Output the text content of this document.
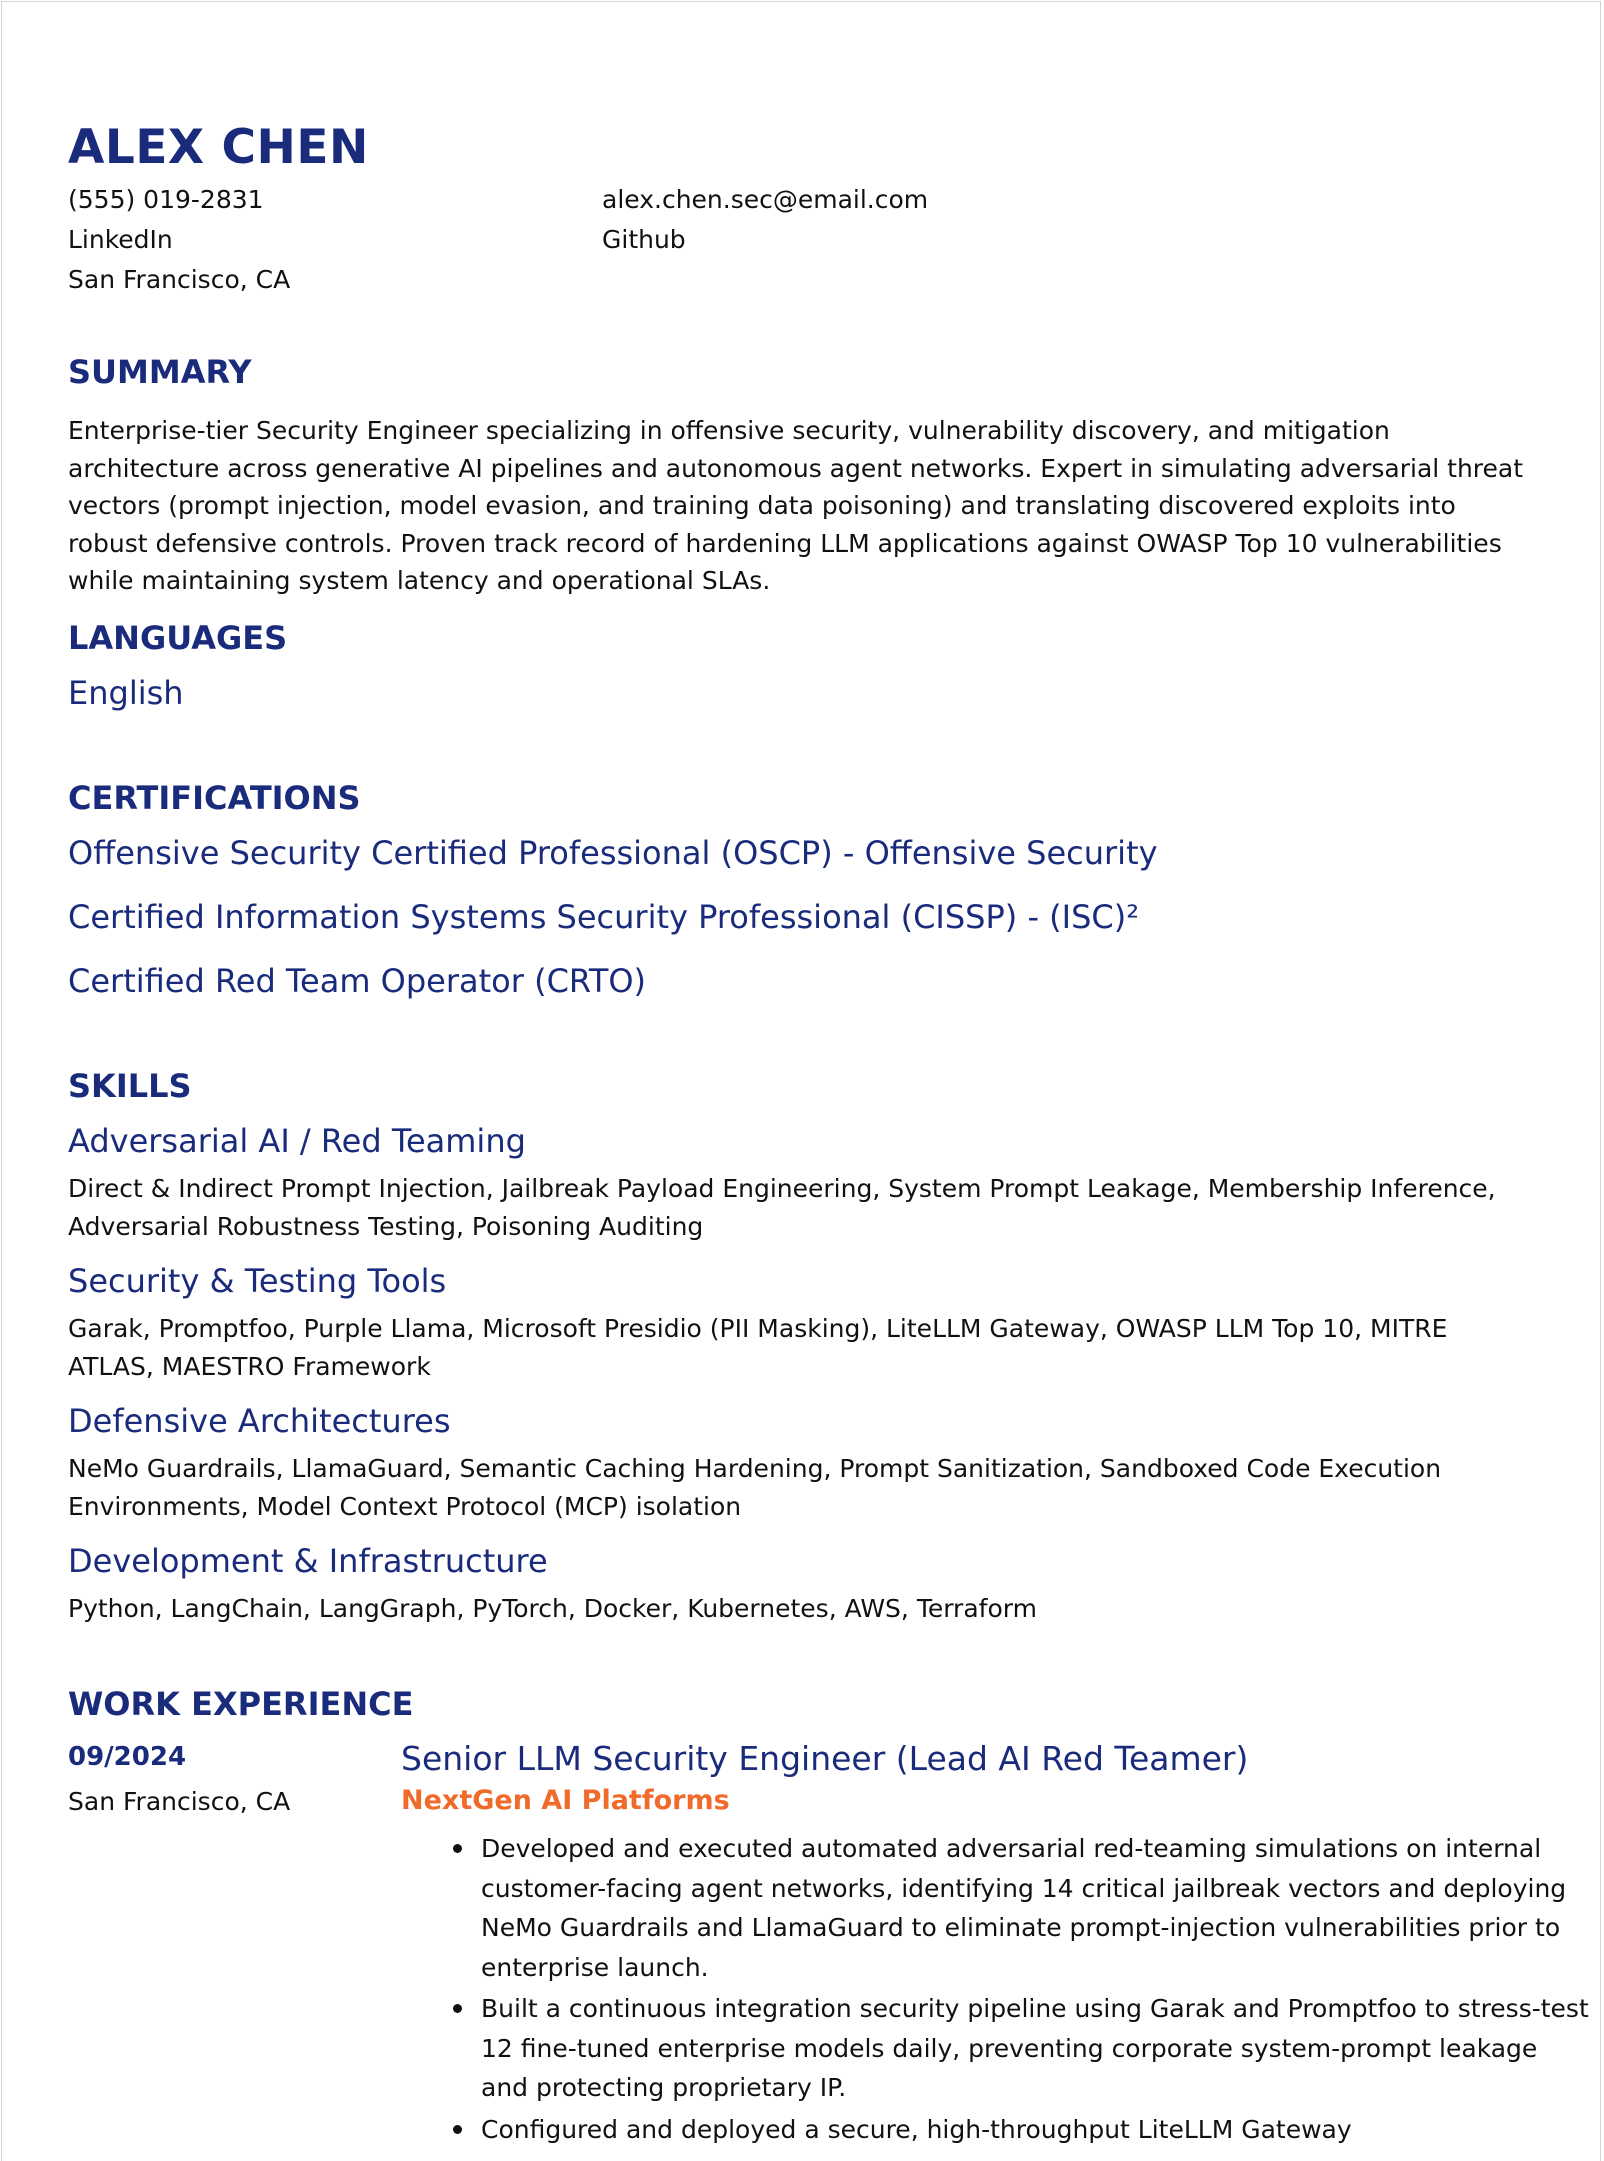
ALEX CHEN
(555) 019-2831	alex.chen.sec@email.com
LinkedIn	Github
San Francisco, CA
SUMMARY

Enterprise-tier Security Engineer specializing in offensive security, vulnerability discovery, and mitigation architecture across generative AI pipelines and autonomous agent networks. Expert in simulating adversarial threat vectors (prompt injection, model evasion, and training data poisoning) and translating discovered exploits into robust defensive controls. Proven track record of hardening LLM applications against OWASP Top 10 vulnerabilities while maintaining system latency and operational SLAs.

LANGUAGES
English
CERTIFICATIONS
Offensive Security Certified Professional (OSCP) - Offensive Security
Certified Information Systems Security Professional (CISSP) - (ISC)²
Certified Red Team Operator (CRTO)
SKILLS
Adversarial AI / Red Teaming

Direct & Indirect Prompt Injection, Jailbreak Payload Engineering, System Prompt Leakage, Membership Inference, Adversarial Robustness Testing, Poisoning Auditing

Security & Testing Tools

Garak, Promptfoo, Purple Llama, Microsoft Presidio (PII Masking), LiteLLM Gateway, OWASP LLM Top 10, MITRE ATLAS, MAESTRO Framework

Defensive Architectures

NeMo Guardrails, LlamaGuard, Semantic Caching Hardening, Prompt Sanitization, Sandboxed Code Execution Environments, Model Context Protocol (MCP) isolation

Development & Infrastructure

Python, LangChain, LangGraph, PyTorch, Docker, Kubernetes, AWS, Terraform

WORK EXPERIENCE
09/2024
San Francisco, CA
Senior LLM Security Engineer (Lead AI Red Teamer)
NextGen AI Platforms
Developed and executed automated adversarial red-teaming simulations on internal customer-facing agent networks, identifying 14 critical jailbreak vectors and deploying NeMo Guardrails and LlamaGuard to eliminate prompt-injection vulnerabilities prior to enterprise launch.
Built a continuous integration security pipeline using Garak and Promptfoo to stress-test 12 fine-tuned enterprise models daily, preventing corporate system-prompt leakage and protecting proprietary IP.
Configured and deployed a secure, high-throughput LiteLLM Gateway
